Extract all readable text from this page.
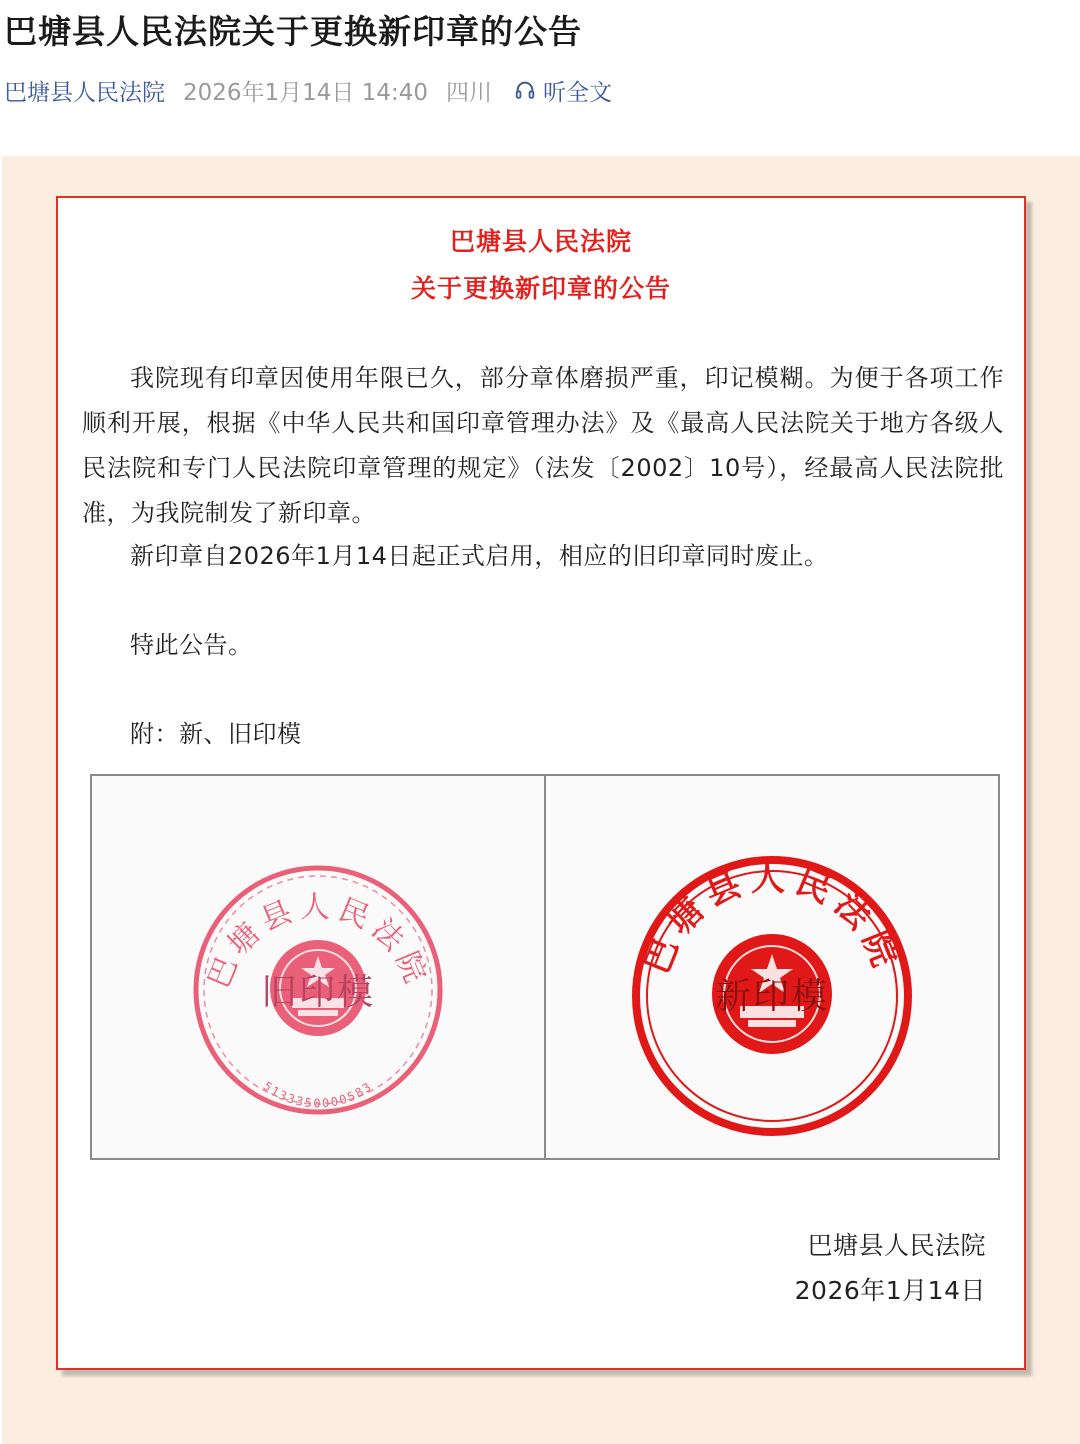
巴塘县人民法院关于更换新印章的公告
巴塘县人民法院 2026年1月14日 14:40 四川 听全文
巴塘县人民法院
关于更换新印章的公告

我院现有印章因使用年限已久，部分章体磨损严重，印记模糊。为便于各项工作顺利开展，根据《中华人民共和国印章管理办法》及《最高人民法院关于地方各级人民法院和专门人民法院印章管理的规定》（法发〔2002〕10号），经最高人民法院批准，为我院制发了新印章。

新印章自2026年1月14日起正式启用，相应的旧印章同时废止。

特此公告。

附：新、旧印模

巴塘县人民法院
5133350000583
旧印模
巴塘县人民法院
新印模
巴塘县人民法院
2026年1月14日
